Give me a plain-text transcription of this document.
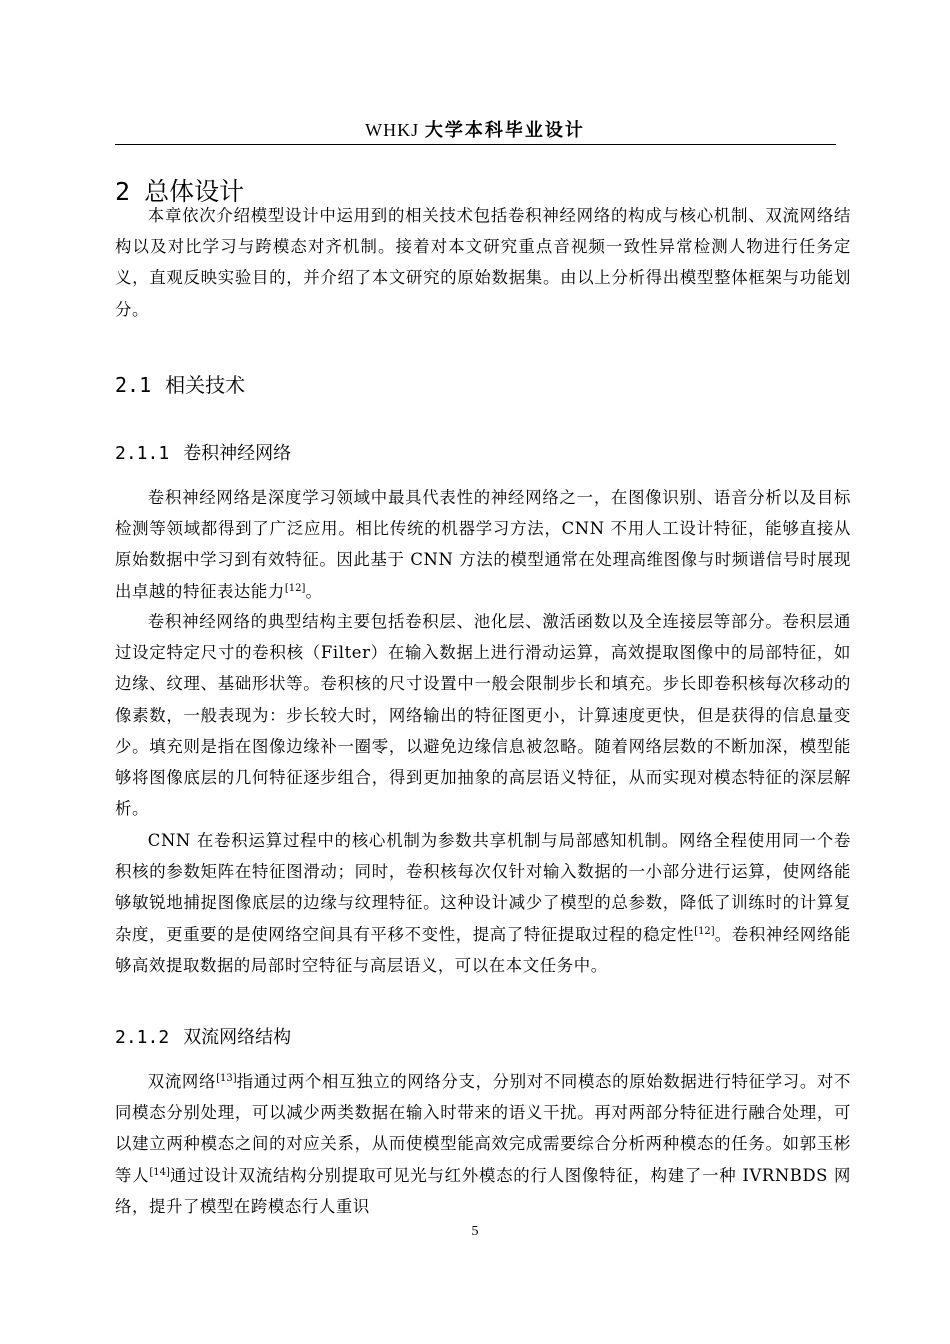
WHKJ 大学本科毕业设计
2 总体设计

本章依次介绍模型设计中运用到的相关技术包括卷积神经网络的构成与核心机制、双流网络结构以及对比学习与跨模态对齐机制。接着对本文研究重点音视频一致性异常检测人物进行任务定义，直观反映实验目的，并介绍了本文研究的原始数据集。由以上分析得出模型整体框架与功能划分。

2.1 相关技术
2.1.1 卷积神经网络

卷积神经网络是深度学习领域中最具代表性的神经网络之一，在图像识别、语音分析以及目标检测等领域都得到了广泛应用。相比传统的机器学习方法，CNN 不用人工设计特征，能够直接从原始数据中学习到有效特征。因此基于 CNN 方法的模型通常在处理高维图像与时频谱信号时展现出卓越的特征表达能力[12]。

卷积神经网络的典型结构主要包括卷积层、池化层、激活函数以及全连接层等部分。卷积层通过设定特定尺寸的卷积核（Filter）在输入数据上进行滑动运算，高效提取图像中的局部特征，如边缘、纹理、基础形状等。卷积核的尺寸设置中一般会限制步长和填充。步长即卷积核每次移动的像素数，一般表现为：步长较大时，网络输出的特征图更小，计算速度更快，但是获得的信息量变少。填充则是指在图像边缘补一圈零，以避免边缘信息被忽略。随着网络层数的不断加深，模型能够将图像底层的几何特征逐步组合，得到更加抽象的高层语义特征，从而实现对模态特征的深层解析。

CNN 在卷积运算过程中的核心机制为参数共享机制与局部感知机制。网络全程使用同一个卷积核的参数矩阵在特征图滑动；同时，卷积核每次仅针对输入数据的一小部分进行运算，使网络能够敏锐地捕捉图像底层的边缘与纹理特征。这种设计减少了模型的总参数，降低了训练时的计算复杂度，更重要的是使网络空间具有平移不变性，提高了特征提取过程的稳定性[12]。卷积神经网络能够高效提取数据的局部时空特征与高层语义，可以在本文任务中。

2.1.2 双流网络结构

双流网络[13]指通过两个相互独立的网络分支，分别对不同模态的原始数据进行特征学习。对不同模态分别处理，可以减少两类数据在输入时带来的语义干扰。再对两部分特征进行融合处理，可以建立两种模态之间的对应关系，从而使模型能高效完成需要综合分析两种模态的任务。如郭玉彬等人[14]通过设计双流结构分别提取可见光与红外模态的行人图像特征，构建了一种 IVRNBDS 网络，提升了模型在跨模态行人重识

5
